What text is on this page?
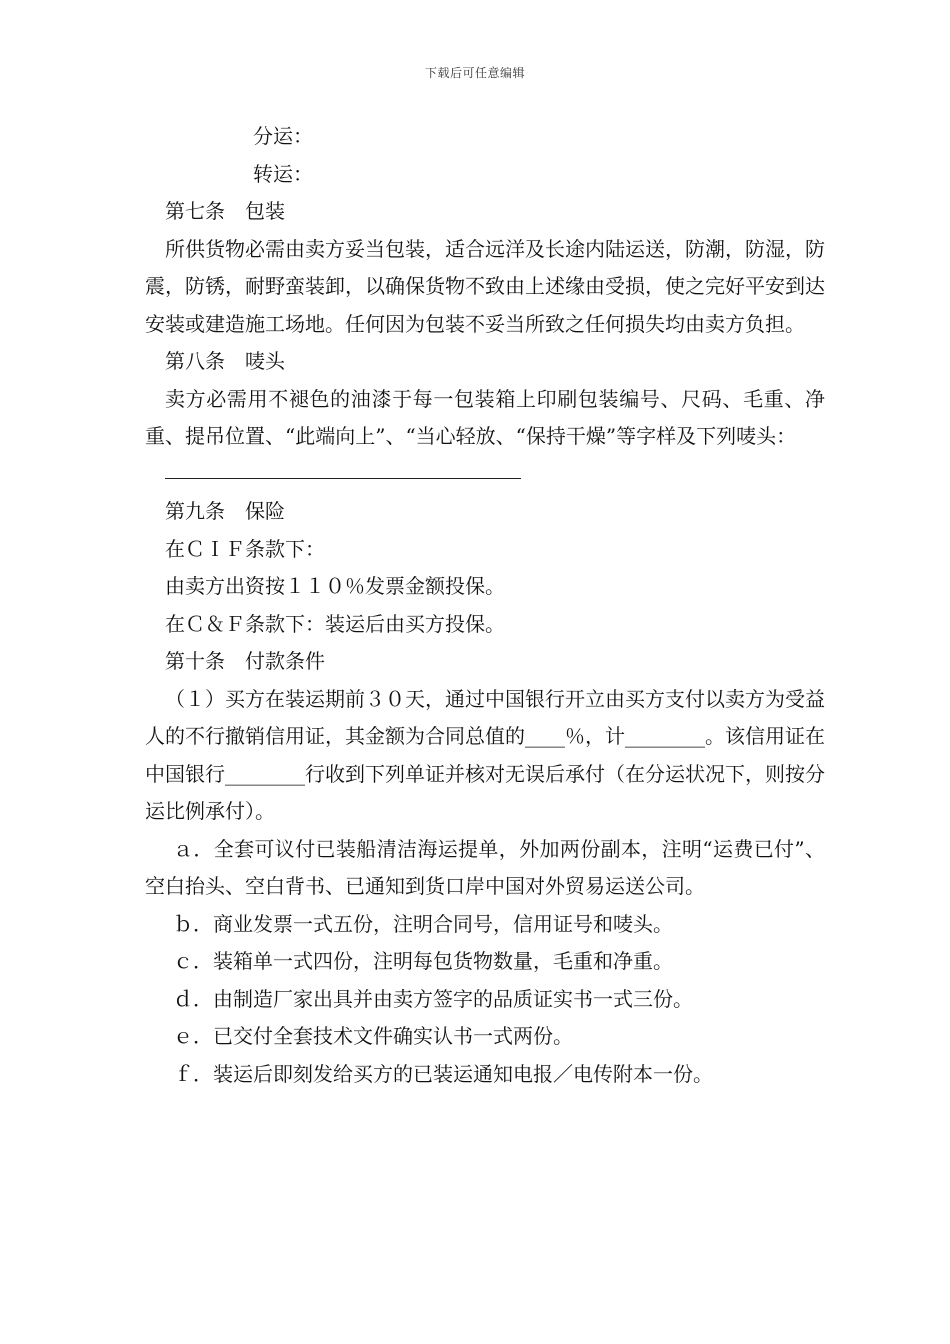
下载后可任意编辑
分运：
转运：
第七条 包装
所供货物必需由卖方妥当包装，适合远洋及长途内陆运送，防潮，防湿，防震，防锈，耐野蛮装卸，以确保货物不致由上述缘由受损，使之完好平安到达安装或建造施工场地。任何因为包装不妥当所致之任何损失均由卖方负担。
第八条 唛头
卖方必需用不褪色的油漆于每一包装箱上印刷包装编号、尺码、毛重、净重、提吊位置、“此端向上”、“当心轻放、“保持干燥”等字样及下列唛头：
第九条 保险
在ＣＩＦ条款下：
由卖方出资按１１０％发票金额投保。
在Ｃ＆Ｆ条款下：装运后由买方投保。
第十条 付款条件
（１）买方在装运期前３０天，通过中国银行开立由买方支付以卖方为受益人的不行撤销信用证，其金额为合同总值的____％，计________。该信用证在中国银行________行收到下列单证并核对无误后承付（在分运状况下，则按分运比例承付）。
ａ．全套可议付已装船清洁海运提单，外加两份副本，注明“运费已付”、空白抬头、空白背书、已通知到货口岸中国对外贸易运送公司。
ｂ．商业发票一式五份，注明合同号，信用证号和唛头。
ｃ．装箱单一式四份，注明每包货物数量，毛重和净重。
ｄ．由制造厂家出具并由卖方签字的品质证实书一式三份。
ｅ．已交付全套技术文件确实认书一式两份。
ｆ．装运后即刻发给买方的已装运通知电报／电传附本一份。
